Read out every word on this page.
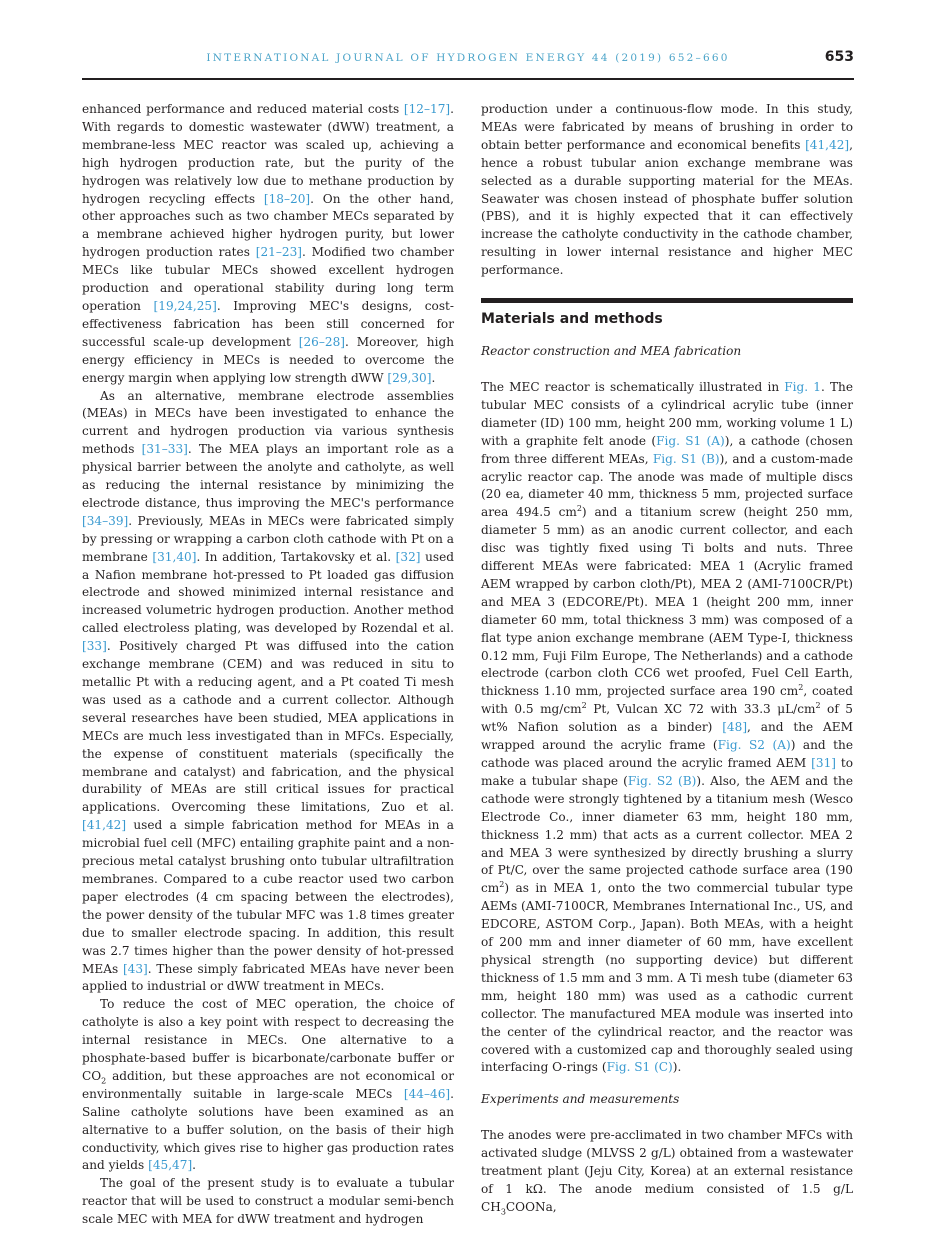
INTERNATIONAL JOURNAL OF HYDROGEN ENERGY 44 (2019) 652–660	653

enhanced performance and reduced material costs [12–17]. With regards to domestic wastewater (dWW) treatment, a membrane-less MEC reactor was scaled up, achieving a high hydrogen production rate, but the purity of the hydrogen was relatively low due to methane production by hydrogen recycling effects [18–20]. On the other hand, other approaches such as two chamber MECs separated by a membrane achieved higher hydrogen purity, but lower hydrogen production rates [21–23]. Modified two chamber MECs like tubular MECs showed excellent hydrogen production and operational stability during long term operation [19,24,25]. Improving MEC's designs, cost-effectiveness fabrication has been still concerned for successful scale-up development [26–28]. Moreover, high energy efficiency in MECs is needed to overcome the energy margin when applying low strength dWW [29,30].

As an alternative, membrane electrode assemblies (MEAs) in MECs have been investigated to enhance the current and hydrogen production via various synthesis methods [31–33]. The MEA plays an important role as a physical barrier between the anolyte and catholyte, as well as reducing the internal resistance by minimizing the electrode distance, thus improving the MEC's performance [34–39]. Previously, MEAs in MECs were fabricated simply by pressing or wrapping a carbon cloth cathode with Pt on a membrane [31,40]. In addition, Tartakovsky et al. [32] used a Nafion membrane hot-pressed to Pt loaded gas diffusion electrode and showed minimized internal resistance and increased volumetric hydrogen production. Another method called electroless plating, was developed by Rozendal et al. [33]. Positively charged Pt was diffused into the cation exchange membrane (CEM) and was reduced in situ to metallic Pt with a reducing agent, and a Pt coated Ti mesh was used as a cathode and a current collector. Although several researches have been studied, MEA applications in MECs are much less investigated than in MFCs. Especially, the expense of constituent materials (specifically the membrane and catalyst) and fabrication, and the physical durability of MEAs are still critical issues for practical applications. Overcoming these limitations, Zuo et al. [41,42] used a simple fabrication method for MEAs in a microbial fuel cell (MFC) entailing graphite paint and a non-precious metal catalyst brushing onto tubular ultrafiltration membranes. Compared to a cube reactor used two carbon paper electrodes (4 cm spacing between the electrodes), the power density of the tubular MFC was 1.8 times greater due to smaller electrode spacing. In addition, this result was 2.7 times higher than the power density of hot-pressed MEAs [43]. These simply fabricated MEAs have never been applied to industrial or dWW treatment in MECs.

To reduce the cost of MEC operation, the choice of catholyte is also a key point with respect to decreasing the internal resistance in MECs. One alternative to a phosphate-based buffer is bicarbonate/carbonate buffer or $CO_2$ addition, but these approaches are not economical or environmentally suitable in large-scale MECs [44–46]. Saline catholyte solutions have been examined as an alternative to a buffer solution, on the basis of their high conductivity, which gives rise to higher gas production rates and yields [45,47].

The goal of the present study is to evaluate a tubular reactor that will be used to construct a modular semi-bench scale MEC with MEA for dWW treatment and hydrogen

production under a continuous-flow mode. In this study, MEAs were fabricated by means of brushing in order to obtain better performance and economical benefits [41,42], hence a robust tubular anion exchange membrane was selected as a durable supporting material for the MEAs. Seawater was chosen instead of phosphate buffer solution (PBS), and it is highly expected that it can effectively increase the catholyte conductivity in the cathode chamber, resulting in lower internal resistance and higher MEC performance.

Materials and methods
Reactor construction and MEA fabrication

The MEC reactor is schematically illustrated in Fig. 1. The tubular MEC consists of a cylindrical acrylic tube (inner diameter (ID) 100 mm, height 200 mm, working volume 1 L) with a graphite felt anode (Fig. S1 (A)), a cathode (chosen from three different MEAs, Fig. S1 (B)), and a custom-made acrylic reactor cap. The anode was made of multiple discs (20 ea, diameter 40 mm, thickness 5 mm, projected surface area 494.5 $cm^2$) and a titanium screw (height 250 mm, diameter 5 mm) as an anodic current collector, and each disc was tightly fixed using Ti bolts and nuts. Three different MEAs were fabricated: MEA 1 (Acrylic framed AEM wrapped by carbon cloth/Pt), MEA 2 (AMI-7100CR/Pt) and MEA 3 (EDCORE/Pt). MEA 1 (height 200 mm, inner diameter 60 mm, total thickness 3 mm) was composed of a flat type anion exchange membrane (AEM Type-I, thickness 0.12 mm, Fuji Film Europe, The Netherlands) and a cathode electrode (carbon cloth CC6 wet proofed, Fuel Cell Earth, thickness 1.10 mm, projected surface area 190 $cm^2$, coated with 0.5 $mg/cm^2$ Pt, Vulcan XC 72 with 33.3 $\mu L/cm^2$ of 5 wt% Nafion solution as a binder) [48], and the AEM wrapped around the acrylic frame (Fig. S2 (A)) and the cathode was placed around the acrylic framed AEM [31] to make a tubular shape (Fig. S2 (B)). Also, the AEM and the cathode were strongly tightened by a titanium mesh (Wesco Electrode Co., inner diameter 63 mm, height 180 mm, thickness 1.2 mm) that acts as a current collector. MEA 2 and MEA 3 were synthesized by directly brushing a slurry of Pt/C, over the same projected cathode surface area (190 $cm^2$) as in MEA 1, onto the two commercial tubular type AEMs (AMI-7100CR, Membranes International Inc., US, and EDCORE, ASTOM Corp., Japan). Both MEAs, with a height of 200 mm and inner diameter of 60 mm, have excellent physical strength (no supporting device) but different thickness of 1.5 mm and 3 mm. A Ti mesh tube (diameter 63 mm, height 180 mm) was used as a cathodic current collector. The manufactured MEA module was inserted into the center of the cylindrical reactor, and the reactor was covered with a customized cap and thoroughly sealed using interfacing O-rings (Fig. S1 (C)).

Experiments and measurements

The anodes were pre-acclimated in two chamber MFCs with activated sludge (MLVSS 2 g/L) obtained from a wastewater treatment plant (Jeju City, Korea) at an external resistance of 1 kΩ. The anode medium consisted of 1.5 g/L $CH_3COONa$,
